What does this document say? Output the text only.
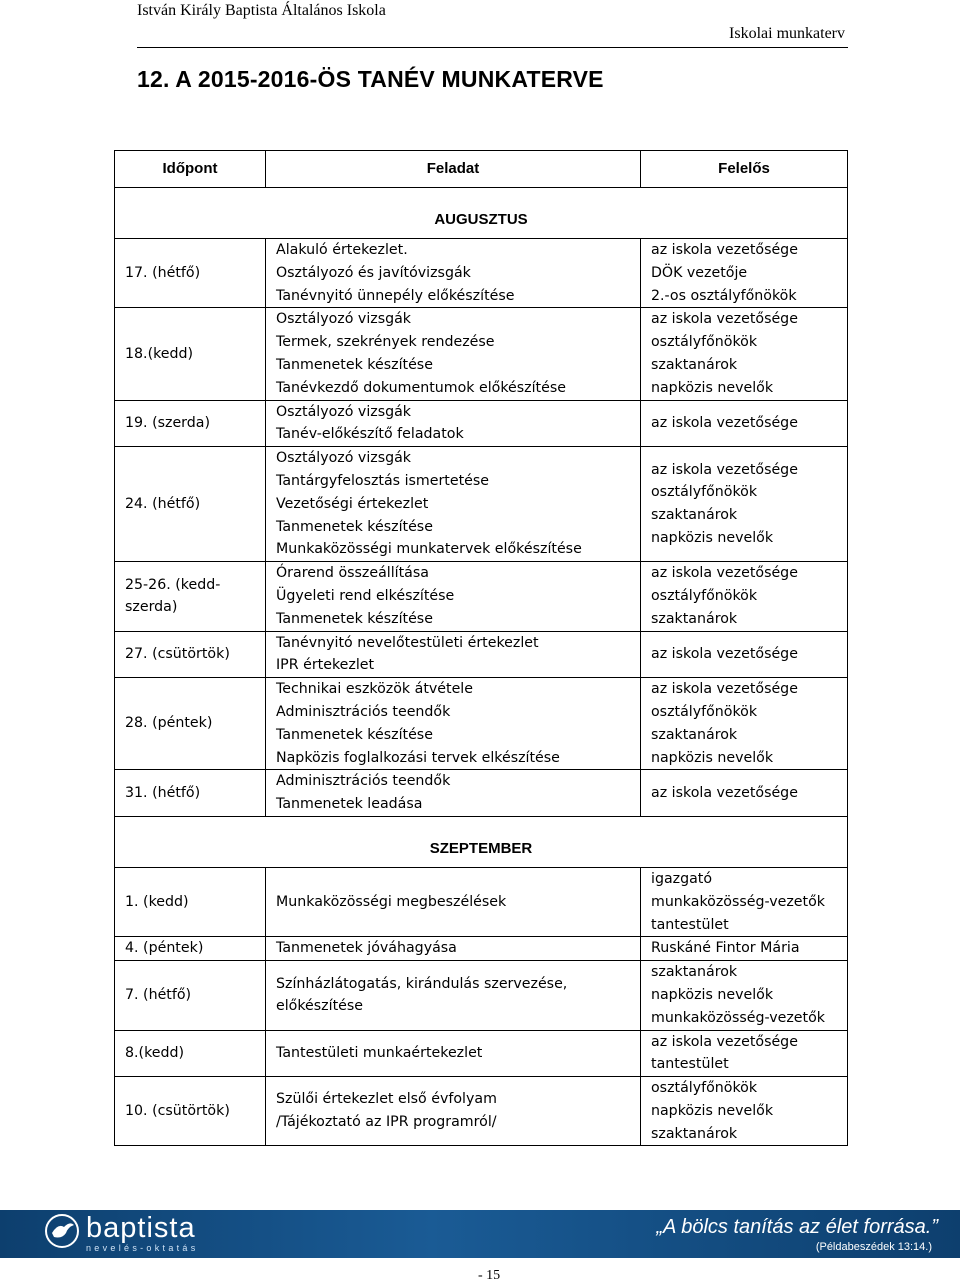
István Király Baptista Általános Iskola
Iskolai munkaterv
12. A 2015-2016-ÖS TANÉV MUNKATERVE
Időpont	Feladat	Felelős
AUGUSZTUS		
17. (hétfő)	Alakuló értekezlet.
Osztályozó és javítóvizsgák
Tanévnyitó ünnepély előkészítése	az iskola vezetősége
DÖK vezetője
2.-os osztályfőnökök

18.(kedd)	Osztályozó vizsgák
Termek, szekrények rendezése
Tanmenetek készítése
Tanévkezdő dokumentumok előkészítése	az iskola vezetősége
osztályfőnökök
szaktanárok
napközis nevelők

19. (szerda)	Osztályozó vizsgák
Tanév-előkészítő feladatok	az iskola vezetősége

24. (hétfő)	Osztályozó vizsgák
Tantárgyfelosztás ismertetése
Vezetőségi értekezlet
Tanmenetek készítése
Munkaközösségi munkatervek előkészítése	az iskola vezetősége
osztályfőnökök
szaktanárok
napközis nevelők

25-26. (kedd-szerda)	Órarend összeállítása
Ügyeleti rend elkészítése
Tanmenetek készítése	az iskola vezetősége
osztályfőnökök
szaktanárok

27. (csütörtök)	Tanévnyitó nevelőtestületi értekezlet
IPR értekezlet	az iskola vezetősége

28. (péntek)	Technikai eszközök átvétele
Adminisztrációs teendők
Tanmenetek készítése
Napközis foglalkozási tervek elkészítése	az iskola vezetősége
osztályfőnökök
szaktanárok
napközis nevelők

31. (hétfő)	Adminisztrációs teendők
Tanmenetek leadása	az iskola vezetősége

SZEPTEMBER		
1. (kedd)	Munkaközösségi megbeszélések	igazgató
munkaközösség-vezetők
tantestület

4. (péntek)	Tanmenetek jóváhagyása	Ruskáné Fintor Mária

7. (hétfő)	Színházlátogatás, kirándulás szervezése, előkészítése	szaktanárok
napközis nevelők
munkaközösség-vezetők

8.(kedd)	Tantestületi munkaértekezlet	az iskola vezetősége
tantestület

10. (csütörtök)	Szülői értekezlet első évfolyam
/Tájékoztató az IPR programról/	osztályfőnökök
napközis nevelők
szaktanárok
baptista
nevelés-oktatás
„A bölcs tanítás az élet forrása.”
(Példabeszédek 13:14.)
- 15
